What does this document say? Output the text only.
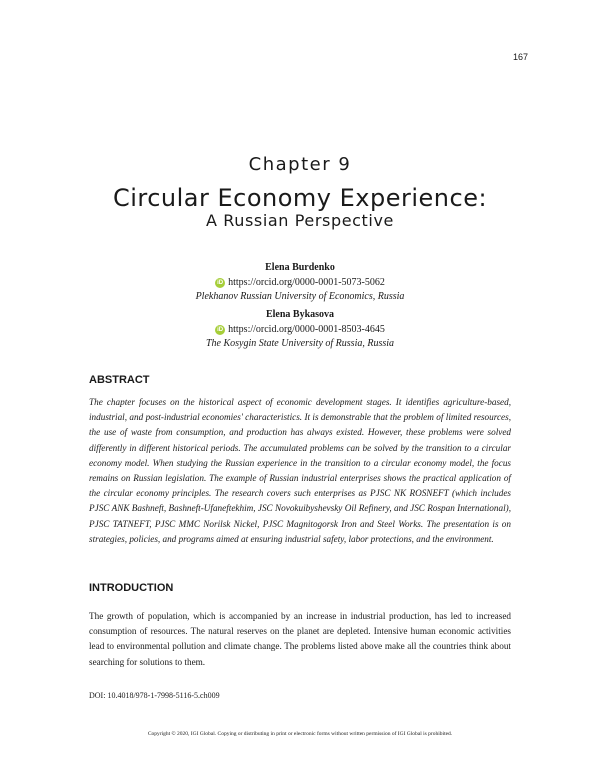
167
Chapter 9
Circular Economy Experience:
A Russian Perspective
Elena Burdenko
iD https://orcid.org/0000-0001-5073-5062
Plekhanov Russian University of Economics, Russia
Elena Bykasova
iD https://orcid.org/0000-0001-8503-4645
The Kosygin State University of Russia, Russia
ABSTRACT

The chapter focuses on the historical aspect of economic development stages. It identifies agriculture-based, industrial, and post-industrial economies' characteristics. It is demonstrable that the problem of limited resources, the use of waste from consumption, and production has always existed. However, these problems were solved differently in different historical periods. The accumulated problems can be solved by the transition to a circular economy model. When studying the Russian experience in the transition to a circular economy model, the focus remains on Russian legislation. The example of Russian industrial enterprises shows the practical application of the circular economy principles. The research covers such enterprises as PJSC NK ROSNEFT (which includes PJSC ANK Bashneft, Bashneft-Ufaneftekhim, JSC Novokuibyshevsky Oil Refinery, and JSC Rospan International), PJSC TATNEFT, PJSC MMC Norilsk Nickel, PJSC Magnitogorsk Iron and Steel Works. The presentation is on strategies, policies, and programs aimed at ensuring industrial safety, labor protections, and the environment.

INTRODUCTION

The growth of population, which is accompanied by an increase in industrial production, has led to increased consumption of resources. The natural reserves on the planet are depleted. Intensive human economic activities lead to environmental pollution and climate change. The problems listed above make all the countries think about searching for solutions to them.

DOI: 10.4018/978-1-7998-5116-5.ch009
Copyright © 2020, IGI Global. Copying or distributing in print or electronic forms without written permission of IGI Global is prohibited.
